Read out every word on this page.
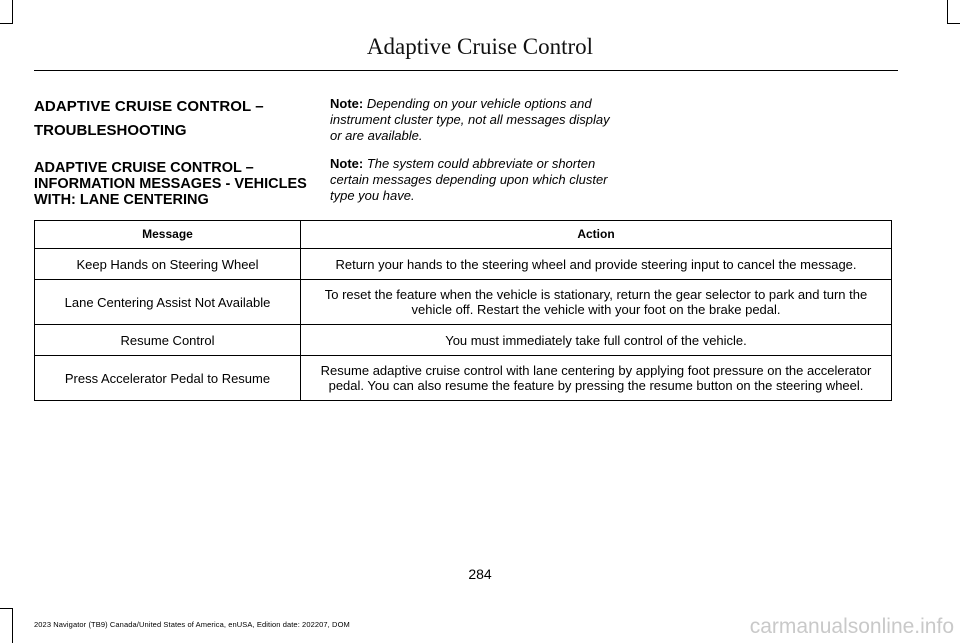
Adaptive Cruise Control

ADAPTIVE CRUISE CONTROL –

TROUBLESHOOTING

ADAPTIVE CRUISE CONTROL – INFORMATION MESSAGES - VEHICLES WITH: LANE CENTERING

Note: Depending on your vehicle options and instrument cluster type, not all messages display or are available.

Note: The system could abbreviate or shorten certain messages depending upon which cluster type you have.

Message	Action
Keep Hands on Steering Wheel	Return your hands to the steering wheel and provide steering input to cancel the message.
Lane Centering Assist Not Available	To reset the feature when the vehicle is stationary, return the gear selector to park and turn the vehicle off. Restart the vehicle with your foot on the brake pedal.
Resume Control	You must immediately take full control of the vehicle.
Press Accelerator Pedal to Resume	Resume adaptive cruise control with lane centering by applying foot pressure on the accelerator pedal. You can also resume the feature by pressing the resume button on the steering wheel.
284
2023 Navigator (TB9) Canada/United States of America, enUSA, Edition date: 202207, DOM	carmanualsonline.info
